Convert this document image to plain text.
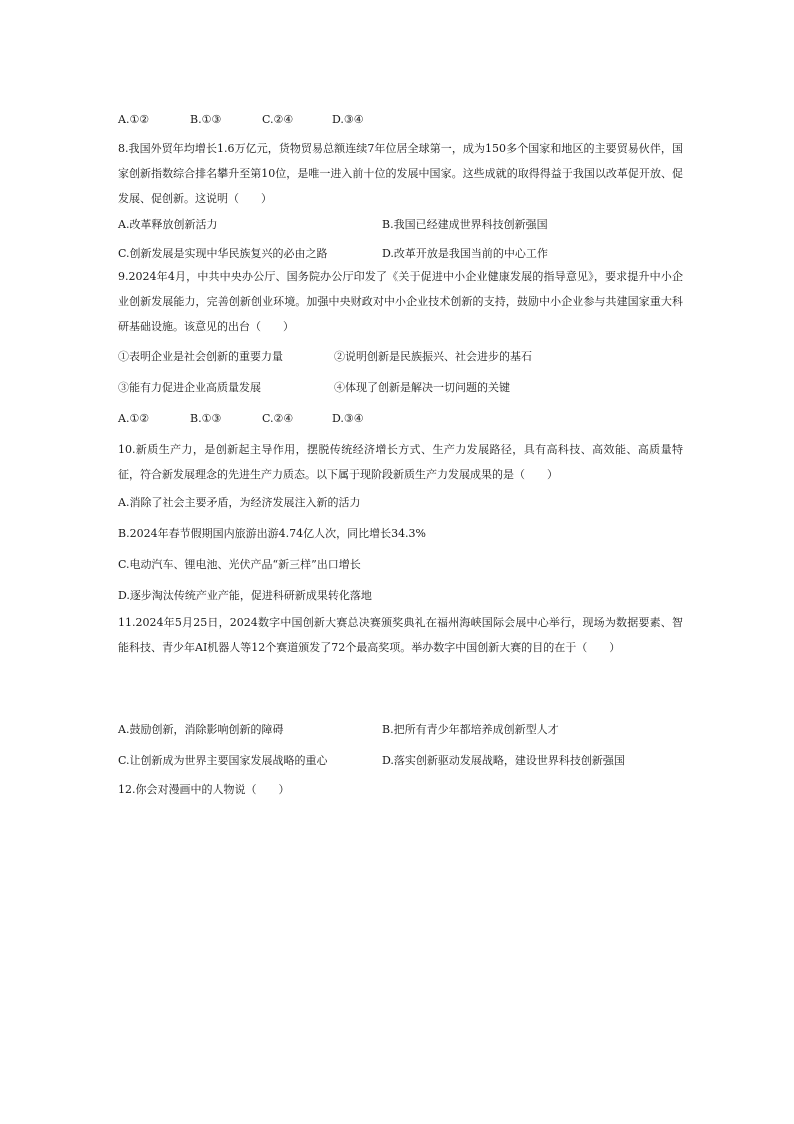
A.①②	B.①③	C.②④	D.③④
8.我国外贸年均增长1.6万亿元，货物贸易总额连续7年位居全球第一，成为150多个国家和地区的主要贸易伙伴，国家创新指数综合排名攀升至第10位，是唯一进入前十位的发展中国家。这些成就的取得得益于我国以改革促开放、促发展、促创新。这说明（　　）
A.改革释放创新活力	B.我国已经建成世界科技创新强国
C.创新发展是实现中华民族复兴的必由之路	D.改革开放是我国当前的中心工作
9.2024年4月，中共中央办公厅、国务院办公厅印发了《关于促进中小企业健康发展的指导意见》，要求提升中小企业创新发展能力，完善创新创业环境。加强中央财政对中小企业技术创新的支持，鼓励中小企业参与共建国家重大科研基础设施。该意见的出台（　　）
①表明企业是社会创新的重要力量	②说明创新是民族振兴、社会进步的基石
③能有力促进企业高质量发展	④体现了创新是解决一切问题的关键
A.①②	B.①③	C.②④	D.③④
10.新质生产力，是创新起主导作用，摆脱传统经济增长方式、生产力发展路径，具有高科技、高效能、高质量特征，符合新发展理念的先进生产力质态。以下属于现阶段新质生产力发展成果的是（　　）
A.消除了社会主要矛盾，为经济发展注入新的活力
B.2024年春节假期国内旅游出游4.74亿人次，同比增长34.3%
C.电动汽车、锂电池、光伏产品“新三样”出口增长
D.逐步淘汰传统产业产能，促进科研新成果转化落地
11.2024年5月25日，2024数字中国创新大赛总决赛颁奖典礼在福州海峡国际会展中心举行，现场为数据要素、智能科技、青少年AI机器人等12个赛道颁发了72个最高奖项。举办数字中国创新大赛的目的在于（　　）
A.鼓励创新，消除影响创新的障碍	B.把所有青少年都培养成创新型人才
C.让创新成为世界主要国家发展战略的重心	D.落实创新驱动发展战略，建设世界科技创新强国
12.你会对漫画中的人物说（　　）
